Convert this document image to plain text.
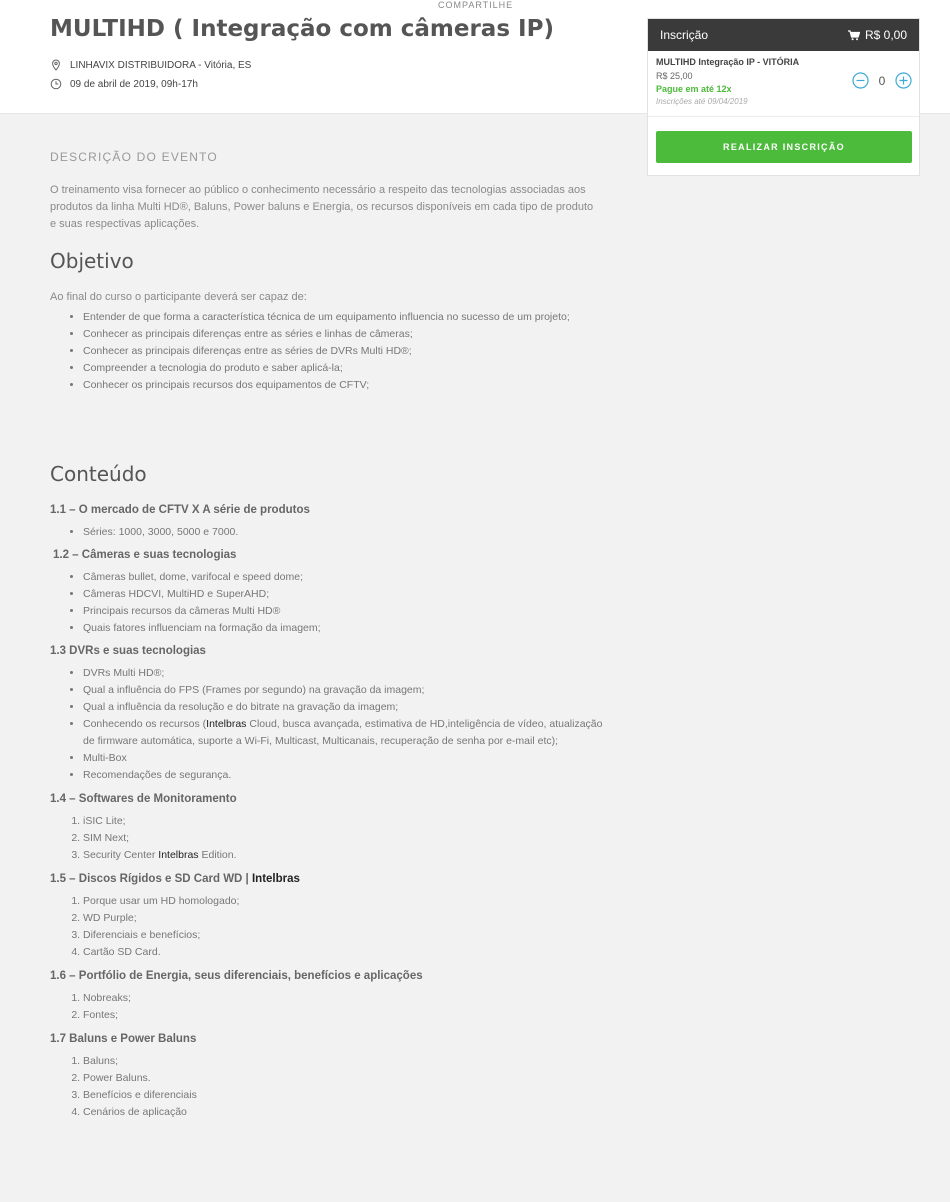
COMPARTILHE
MULTIHD ( Integração com câmeras IP)
LINHAVIX DISTRIBUIDORA - Vitória, ES
09 de abril de 2019, 09h-17h
Inscrição	R$ 0,00
MULTIHD Integração IP - VITÓRIA
R$ 25,00
Pague em até 12x
Inscrições até 09/04/2019
0
REALIZAR INSCRIÇÃO
DESCRIÇÃO DO EVENTO

O treinamento visa fornecer ao público o conhecimento necessário a respeito das tecnologias associadas aos produtos da linha Multi HD®, Baluns, Power baluns e Energia, os recursos disponíveis em cada tipo de produto e suas respectivas aplicações.

Objetivo

Ao final do curso o participante deverá ser capaz de:

• Entender de que forma a característica técnica de um equipamento influencia no sucesso de um projeto;
• Conhecer as principais diferenças entre as séries e linhas de câmeras;
• Conhecer as principais diferenças entre as séries de DVRs Multi HD®;
• Compreender a tecnologia do produto e saber aplicá-la;
• Conhecer os principais recursos dos equipamentos de CFTV;
Conteúdo
1.1 – O mercado de CFTV X A série de produtos
• Séries: 1000, 3000, 5000 e 7000.
1.2 – Câmeras e suas tecnologias
• Câmeras bullet, dome, varifocal e speed dome;
• Câmeras HDCVI, MultiHD e SuperAHD;
• Principais recursos da câmeras Multi HD®
• Quais fatores influenciam na formação da imagem;
1.3 DVRs e suas tecnologias
• DVRs Multi HD®;
• Qual a influência do FPS (Frames por segundo) na gravação da imagem;
• Qual a influência da resolução e do bitrate na gravação da imagem;
• Conhecendo os recursos (Intelbras Cloud, busca avançada, estimativa de HD,inteligência de vídeo, atualização de firmware automática, suporte a Wi-Fi, Multicast, Multicanais, recuperação de senha por e-mail etc);
• Multi-Box
• Recomendações de segurança.
1.4 – Softwares de Monitoramento
1. iSIC Lite;
2. SIM Next;
3. Security Center Intelbras Edition.
1.5 – Discos Rígidos e SD Card WD | Intelbras
1. Porque usar um HD homologado;
2. WD Purple;
3. Diferenciais e benefícios;
4. Cartão SD Card.
1.6 – Portfólio de Energia, seus diferenciais, benefícios e aplicações
1. Nobreaks;
2. Fontes;
1.7 Baluns e Power Baluns
1. Baluns;
2. Power Baluns.
3. Benefícios e diferenciais
4. Cenários de aplicação
